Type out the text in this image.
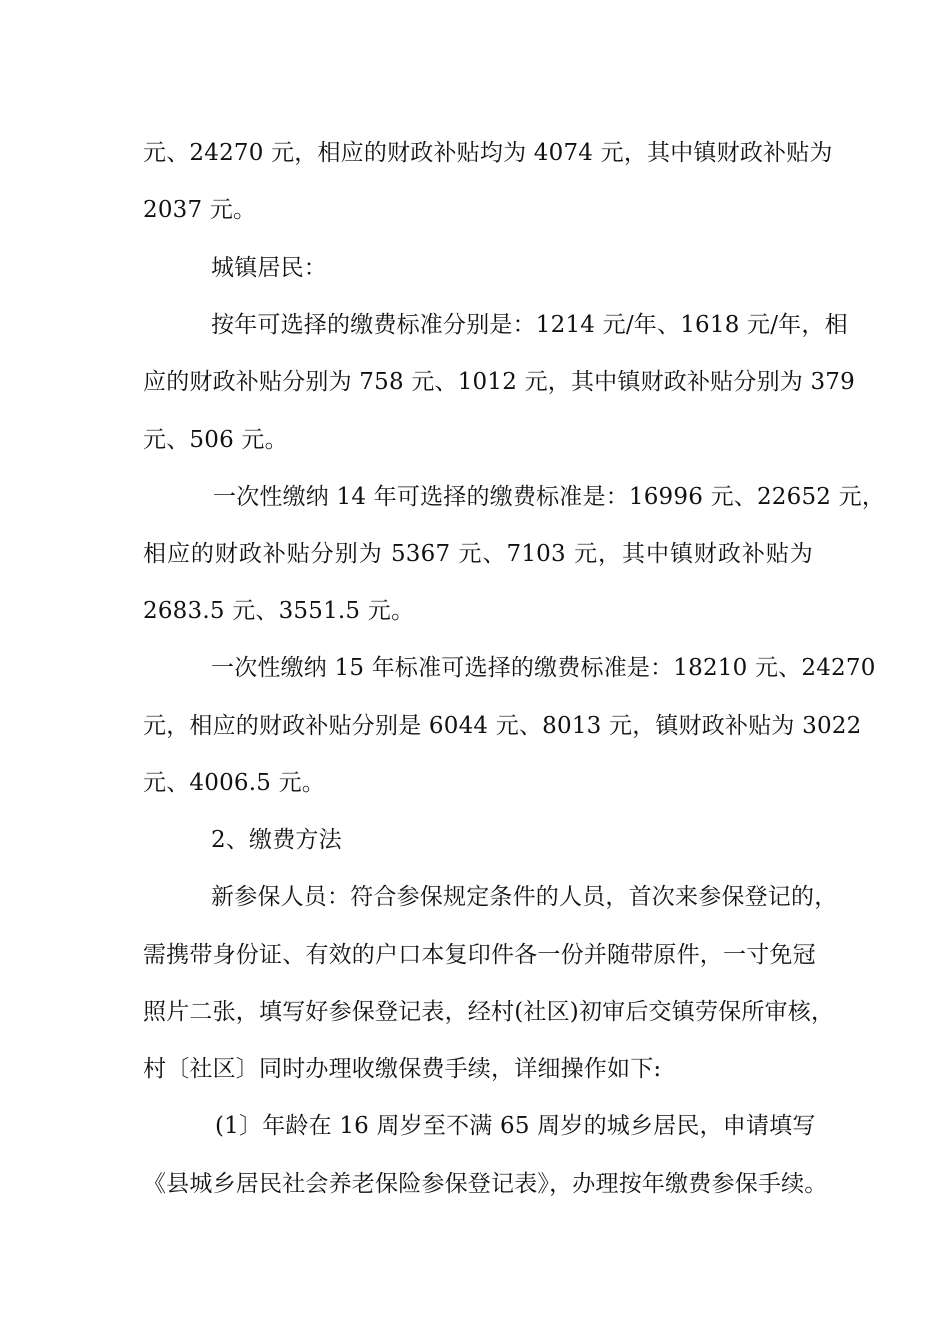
元、24270 元，相应的财政补贴均为 4074 元，其中镇财政补贴为
2037 元。
城镇居民：
按年可选择的缴费标准分别是：1214 元/年、1618 元/年，相
应的财政补贴分别为 758 元、1012 元，其中镇财政补贴分别为 379
元、506 元。
一次性缴纳 14 年可选择的缴费标准是：16996 元、22652 元，
相应的财政补贴分别为 5367 元、7103 元，其中镇财政补贴为
2683.5 元、3551.5 元。
一次性缴纳 15 年标准可选择的缴费标准是：18210 元、24270
元，相应的财政补贴分别是 6044 元、8013 元，镇财政补贴为 3022
元、4006.5 元。
2、缴费方法
新参保人员：符合参保规定条件的人员，首次来参保登记的，
需携带身份证、有效的户口本复印件各一份并随带原件，一寸免冠
照片二张，填写好参保登记表，经村(社区)初审后交镇劳保所审核，
村〔社区〕同时办理收缴保费手续，详细操作如下:
(1〕年龄在 16 周岁至不满 65 周岁的城乡居民，申请填写
《县城乡居民社会养老保险参保登记表》，办理按年缴费参保手续。
